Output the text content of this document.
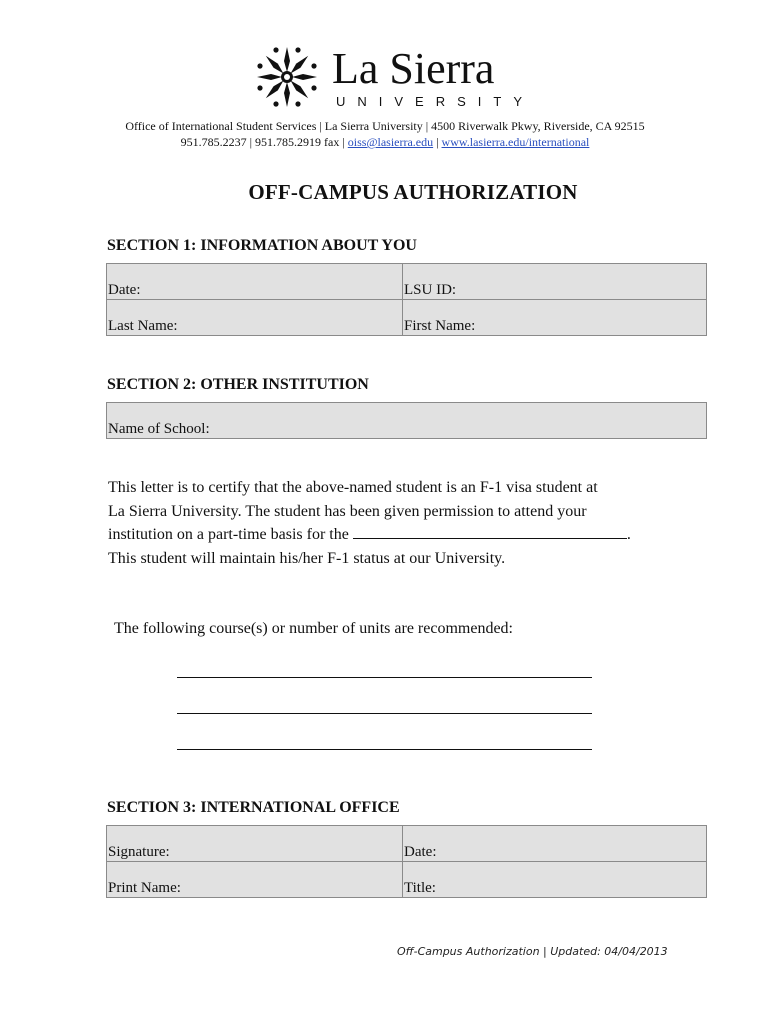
La Sierra
UNIVERSITY
Office of International Student Services | La Sierra University | 4500 Riverwalk Pkwy, Riverside, CA 92515
951.785.2237 | 951.785.2919 fax | oiss@lasierra.edu | www.lasierra.edu/international
OFF-CAMPUS AUTHORIZATION
SECTION 1: INFORMATION ABOUT YOU
Date:	LSU ID:
Last Name:	First Name:
SECTION 2: OTHER INSTITUTION
Name of School:
This letter is to certify that the above-named student is an F-1 visa student at
La Sierra University. The student has been given permission to attend your
institution on a part-time basis for the	.
This student will maintain his/her F-1 status at our University.
The following course(s) or number of units are recommended:
SECTION 3: INTERNATIONAL OFFICE
Signature:	Date:
Print Name:	Title:
Off-Campus Authorization | Updated: 04/04/2013
